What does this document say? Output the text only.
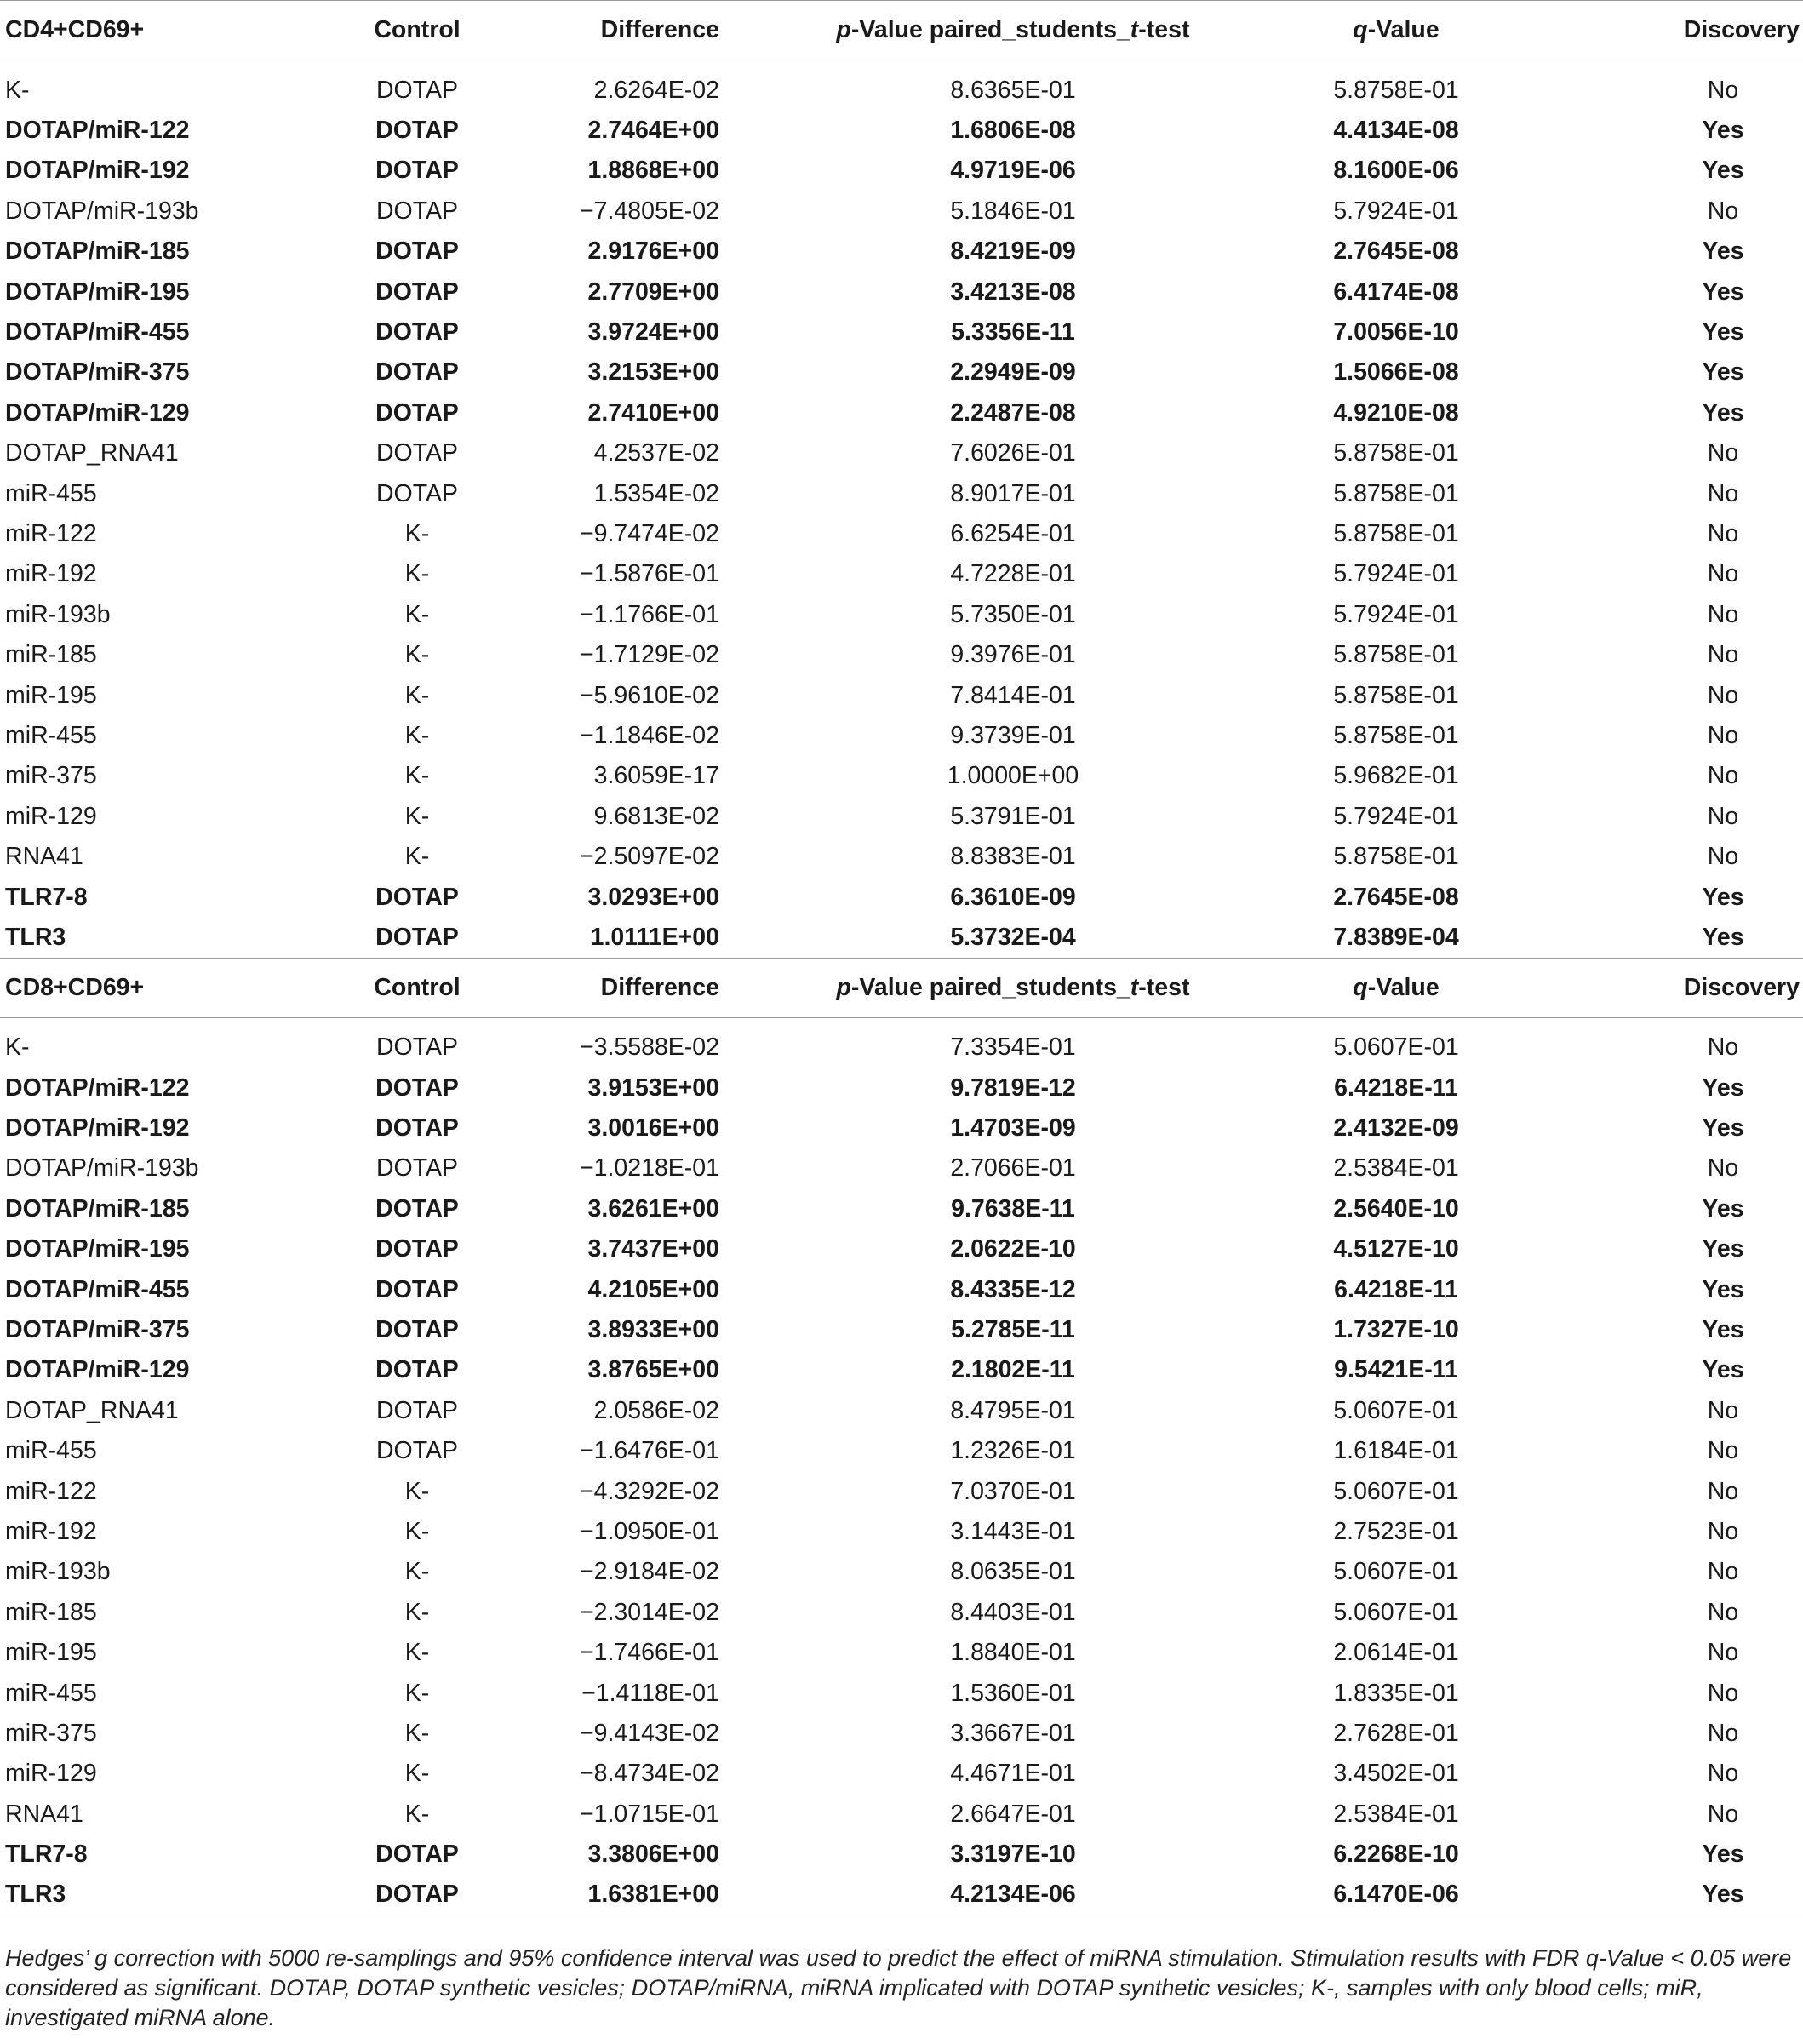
CD4+CD69+	Control	Difference	p-Value paired_students_t-test	q-Value	Discovery

K-	DOTAP	2.6264E-02	8.6365E-01	5.8758E-01	No
DOTAP/miR-122	DOTAP	2.7464E+00	1.6806E-08	4.4134E-08	Yes
DOTAP/miR-192	DOTAP	1.8868E+00	4.9719E-06	8.1600E-06	Yes
DOTAP/miR-193b	DOTAP	−7.4805E-02	5.1846E-01	5.7924E-01	No
DOTAP/miR-185	DOTAP	2.9176E+00	8.4219E-09	2.7645E-08	Yes
DOTAP/miR-195	DOTAP	2.7709E+00	3.4213E-08	6.4174E-08	Yes
DOTAP/miR-455	DOTAP	3.9724E+00	5.3356E-11	7.0056E-10	Yes
DOTAP/miR-375	DOTAP	3.2153E+00	2.2949E-09	1.5066E-08	Yes
DOTAP/miR-129	DOTAP	2.7410E+00	2.2487E-08	4.9210E-08	Yes
DOTAP_RNA41	DOTAP	4.2537E-02	7.6026E-01	5.8758E-01	No
miR-455	DOTAP	1.5354E-02	8.9017E-01	5.8758E-01	No
miR-122	K-	−9.7474E-02	6.6254E-01	5.8758E-01	No
miR-192	K-	−1.5876E-01	4.7228E-01	5.7924E-01	No
miR-193b	K-	−1.1766E-01	5.7350E-01	5.7924E-01	No
miR-185	K-	−1.7129E-02	9.3976E-01	5.8758E-01	No
miR-195	K-	−5.9610E-02	7.8414E-01	5.8758E-01	No
miR-455	K-	−1.1846E-02	9.3739E-01	5.8758E-01	No
miR-375	K-	3.6059E-17	1.0000E+00	5.9682E-01	No
miR-129	K-	9.6813E-02	5.3791E-01	5.7924E-01	No
RNA41	K-	−2.5097E-02	8.8383E-01	5.8758E-01	No
TLR7-8	DOTAP	3.0293E+00	6.3610E-09	2.7645E-08	Yes
TLR3	DOTAP	1.0111E+00	5.3732E-04	7.8389E-04	Yes
CD8+CD69+	Control	Difference	p-Value paired_students_t-test	q-Value	Discovery

K-	DOTAP	−3.5588E-02	7.3354E-01	5.0607E-01	No
DOTAP/miR-122	DOTAP	3.9153E+00	9.7819E-12	6.4218E-11	Yes
DOTAP/miR-192	DOTAP	3.0016E+00	1.4703E-09	2.4132E-09	Yes
DOTAP/miR-193b	DOTAP	−1.0218E-01	2.7066E-01	2.5384E-01	No
DOTAP/miR-185	DOTAP	3.6261E+00	9.7638E-11	2.5640E-10	Yes
DOTAP/miR-195	DOTAP	3.7437E+00	2.0622E-10	4.5127E-10	Yes
DOTAP/miR-455	DOTAP	4.2105E+00	8.4335E-12	6.4218E-11	Yes
DOTAP/miR-375	DOTAP	3.8933E+00	5.2785E-11	1.7327E-10	Yes
DOTAP/miR-129	DOTAP	3.8765E+00	2.1802E-11	9.5421E-11	Yes
DOTAP_RNA41	DOTAP	2.0586E-02	8.4795E-01	5.0607E-01	No
miR-455	DOTAP	−1.6476E-01	1.2326E-01	1.6184E-01	No
miR-122	K-	−4.3292E-02	7.0370E-01	5.0607E-01	No
miR-192	K-	−1.0950E-01	3.1443E-01	2.7523E-01	No
miR-193b	K-	−2.9184E-02	8.0635E-01	5.0607E-01	No
miR-185	K-	−2.3014E-02	8.4403E-01	5.0607E-01	No
miR-195	K-	−1.7466E-01	1.8840E-01	2.0614E-01	No
miR-455	K-	−1.4118E-01	1.5360E-01	1.8335E-01	No
miR-375	K-	−9.4143E-02	3.3667E-01	2.7628E-01	No
miR-129	K-	−8.4734E-02	4.4671E-01	3.4502E-01	No
RNA41	K-	−1.0715E-01	2.6647E-01	2.5384E-01	No
TLR7-8	DOTAP	3.3806E+00	3.3197E-10	6.2268E-10	Yes
TLR3	DOTAP	1.6381E+00	4.2134E-06	6.1470E-06	Yes
Hedges’ g correction with 5000 re-samplings and 95% confidence interval was used to predict the effect of miRNA stimulation. Stimulation results with FDR q-Value < 0.05 were considered as significant. DOTAP, DOTAP synthetic vesicles; DOTAP/miRNA, miRNA implicated with DOTAP synthetic vesicles; K-, samples with only blood cells; miR, investigated miRNA alone.
